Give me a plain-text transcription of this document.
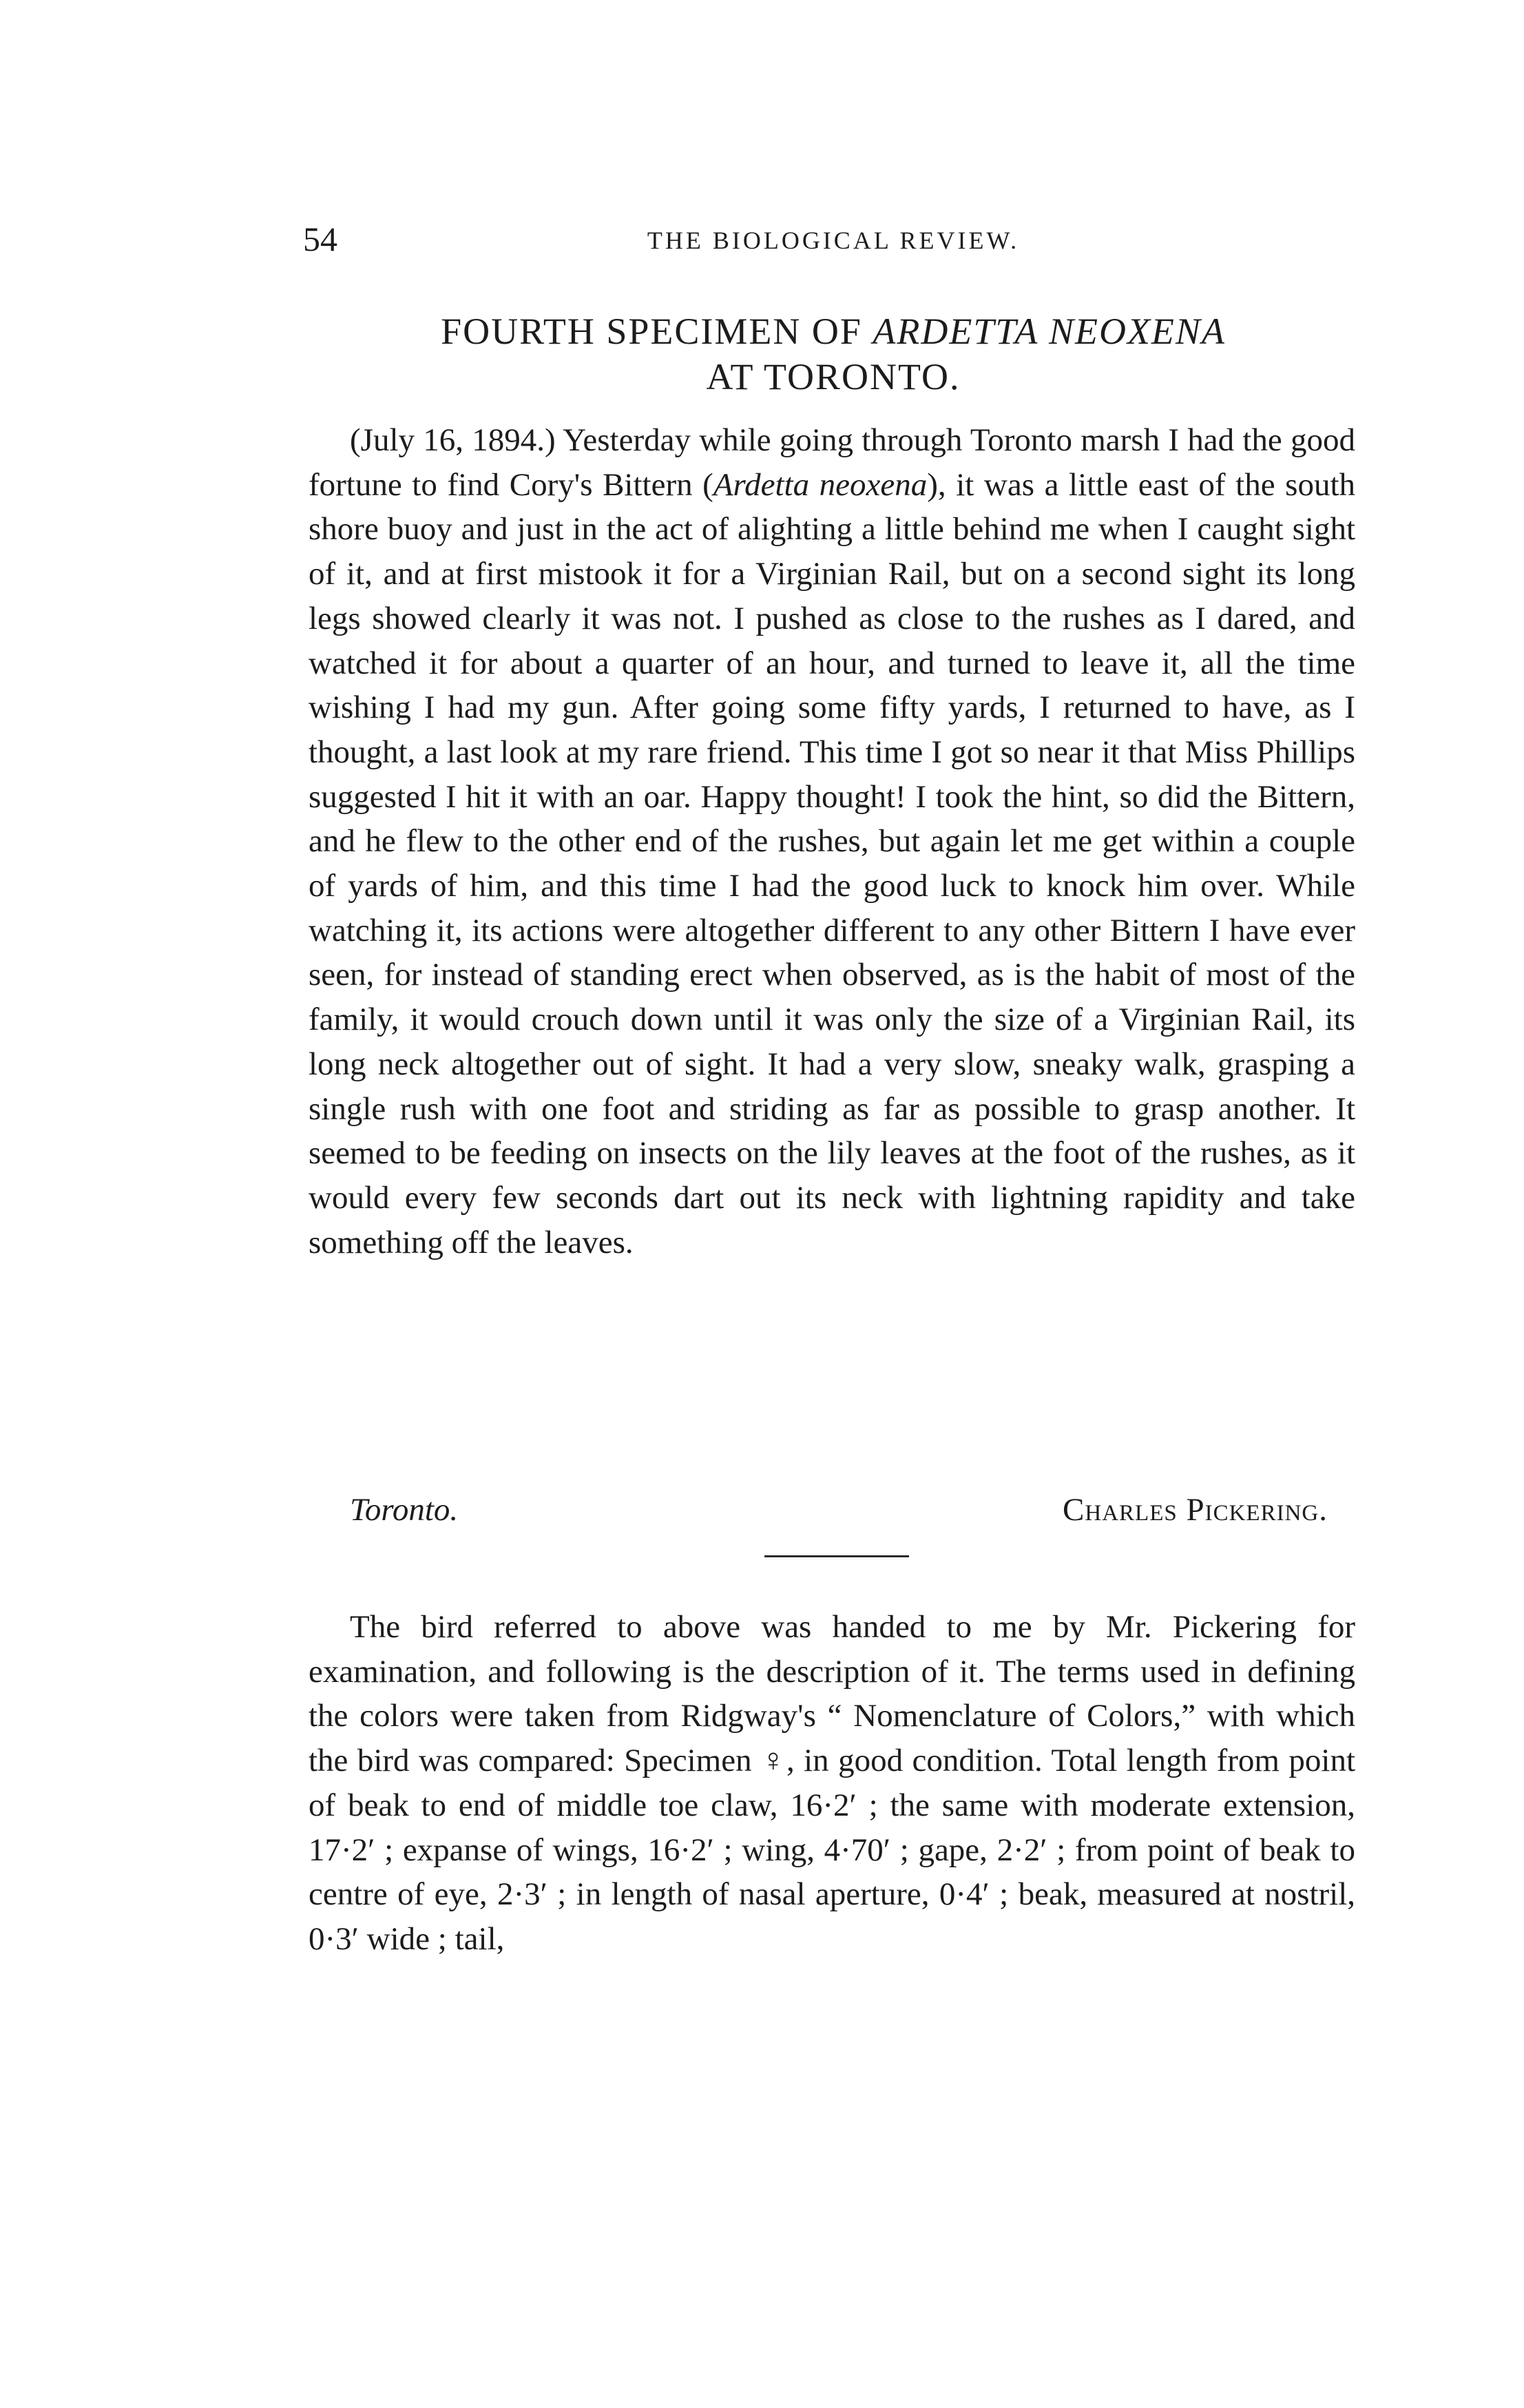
54	THE BIOLOGICAL REVIEW.
FOURTH SPECIMEN OF ARDETTA NEOXENA
AT TORONTO.

(July 16, 1894.) Yesterday while going through Toronto marsh I had the good fortune to find Cory's Bittern (Ardetta neoxena), it was a little east of the south shore buoy and just in the act of alighting a little behind me when I caught sight of it, and at first mistook it for a Virginian Rail, but on a second sight its long legs showed clearly it was not. I pushed as close to the rushes as I dared, and watched it for about a quarter of an hour, and turned to leave it, all the time wishing I had my gun. After going some fifty yards, I returned to have, as I thought, a last look at my rare friend. This time I got so near it that Miss Phillips suggested I hit it with an oar. Happy thought! I took the hint, so did the Bittern, and he flew to the other end of the rushes, but again let me get within a couple of yards of him, and this time I had the good luck to knock him over. While watching it, its actions were altogether different to any other Bittern I have ever seen, for instead of standing erect when observed, as is the habit of most of the family, it would crouch down until it was only the size of a Virginian Rail, its long neck altogether out of sight. It had a very slow, sneaky walk, grasping a single rush with one foot and striding as far as possible to grasp another. It seemed to be feeding on insects on the lily leaves at the foot of the rushes, as it would every few seconds dart out its neck with lightning rapidity and take something off the leaves.

Toronto.	Charles Pickering.

The bird referred to above was handed to me by Mr. Pickering for examination, and following is the description of it. The terms used in defining the colors were taken from Ridgway's “ Nomenclature of Colors,” with which the bird was compared: Specimen ♀, in good condition. Total length from point of beak to end of middle toe claw, 16·2′ ; the same with moderate extension, 17·2′ ; expanse of wings, 16·2′ ; wing, 4·70′ ; gape, 2·2′ ; from point of beak to centre of eye, 2·3′ ; in length of nasal aperture, 0·4′ ; beak, measured at nostril, 0·3′ wide ; tail,
